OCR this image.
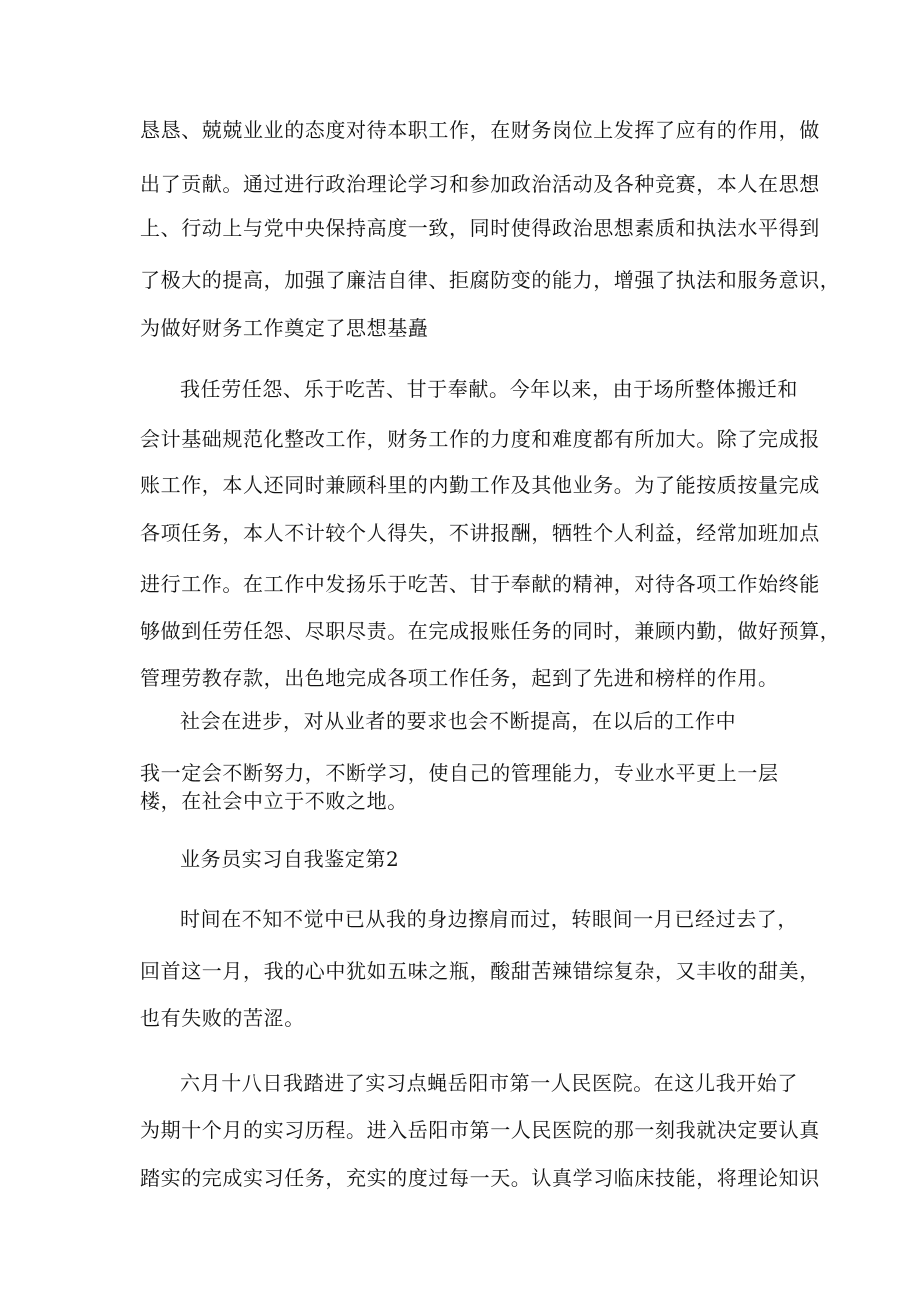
恳恳、兢兢业业的态度对待本职工作，在财务岗位上发挥了应有的作用，做
出了贡献。通过进行政治理论学习和参加政治活动及各种竞赛，本人在思想
上、行动上与党中央保持高度一致，同时使得政治思想素质和执法水平得到
了极大的提高，加强了廉洁自律、拒腐防变的能力，增强了执法和服务意识，
为做好财务工作奠定了思想基矗
我任劳任怨、乐于吃苦、甘于奉献。今年以来，由于场所整体搬迁和
会计基础规范化整改工作，财务工作的力度和难度都有所加大。除了完成报
账工作，本人还同时兼顾科里的内勤工作及其他业务。为了能按质按量完成
各项任务，本人不计较个人得失，不讲报酬，牺牲个人利益，经常加班加点
进行工作。在工作中发扬乐于吃苦、甘于奉献的精神，对待各项工作始终能
够做到任劳任怨、尽职尽责。在完成报账任务的同时，兼顾内勤，做好预算，
管理劳教存款，出色地完成各项工作任务，起到了先进和榜样的作用。
社会在进步，对从业者的要求也会不断提高，在以后的工作中
我一定会不断努力，不断学习，使自己的管理能力，专业水平更上一层
楼，在社会中立于不败之地。
业务员实习自我鉴定第2
时间在不知不觉中已从我的身边擦肩而过，转眼间一月已经过去了，
回首这一月，我的心中犹如五味之瓶，酸甜苦辣错综复杂，又丰收的甜美，
也有失败的苦涩。
六月十八日我踏进了实习点蝇岳阳市第一人民医院。在这儿我开始了
为期十个月的实习历程。进入岳阳市第一人民医院的那一刻我就决定要认真
踏实的完成实习任务，充实的度过每一天。认真学习临床技能，将理论知识
